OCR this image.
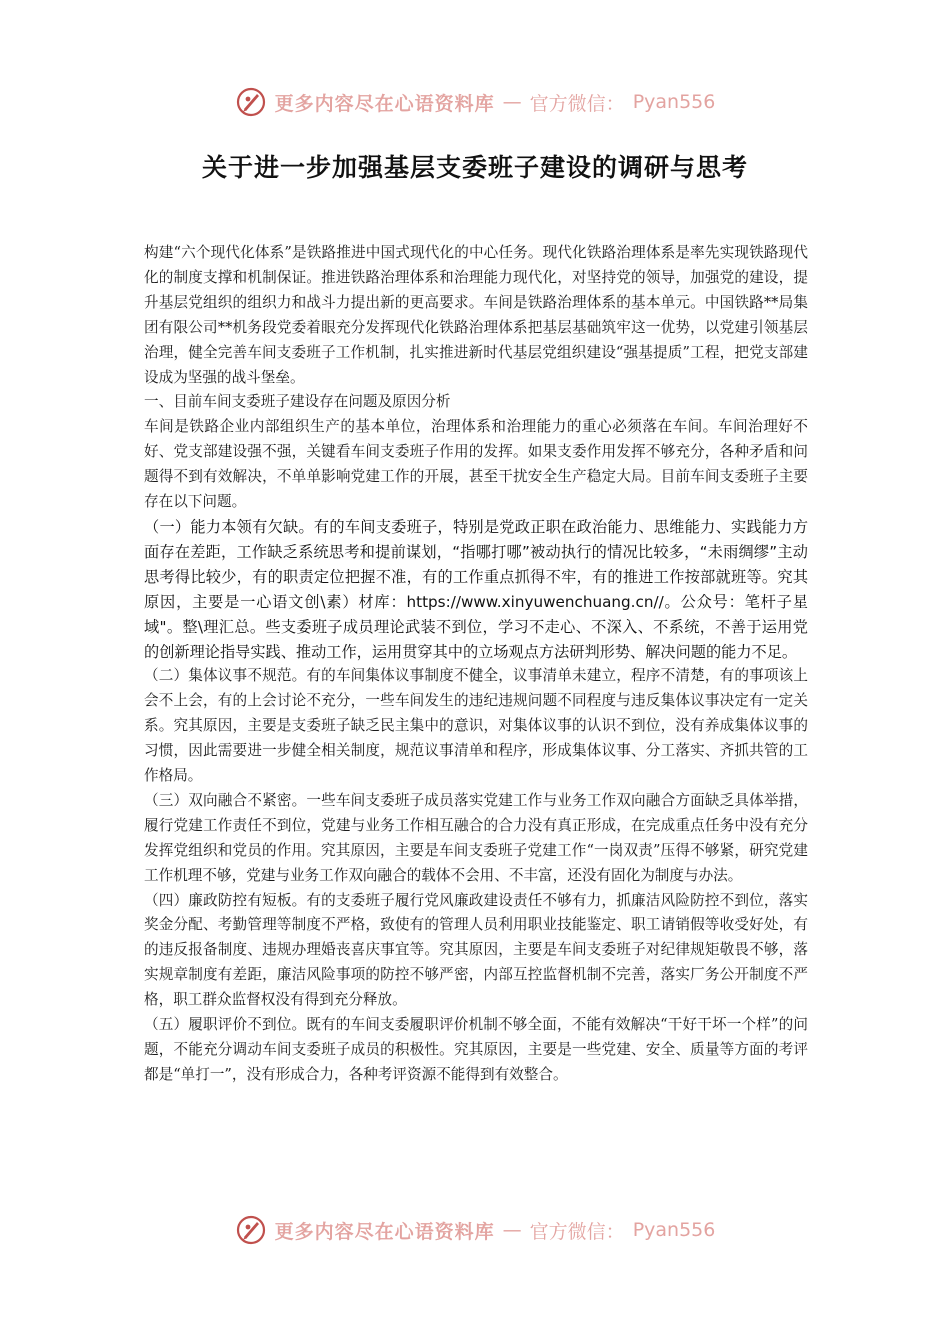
更多内容尽在心语资料库 — 官方微信： Pyan556
关于进一步加强基层支委班子建设的调研与思考

构建“六个现代化体系”是铁路推进中国式现代化的中心任务。现代化铁路治理体系是率先实现铁路现代化的制度支撑和机制保证。推进铁路治理体系和治理能力现代化，对坚持党的领导，加强党的建设，提升基层党组织的组织力和战斗力提出新的更高要求。车间是铁路治理体系的基本单元。中国铁路**局集团有限公司**机务段党委着眼充分发挥现代化铁路治理体系把基层基础筑牢这一优势，以党建引领基层治理，健全完善车间支委班子工作机制，扎实推进新时代基层党组织建设“强基提质”工程，把党支部建设成为坚强的战斗堡垒。

一、目前车间支委班子建设存在问题及原因分析

车间是铁路企业内部组织生产的基本单位，治理体系和治理能力的重心必须落在车间。车间治理好不好、党支部建设强不强，关键看车间支委班子作用的发挥。如果支委作用发挥不够充分，各种矛盾和问题得不到有效解决，不单单影响党建工作的开展，甚至干扰安全生产稳定大局。目前车间支委班子主要存在以下问题。

（一）能力本领有欠缺。有的车间支委班子，特别是党政正职在政治能力、思维能力、实践能力方面存在差距，工作缺乏系统思考和提前谋划，“指哪打哪”被动执行的情况比较多，“未雨绸缪”主动思考得比较少，有的职责定位把握不准，有的工作重点抓得不牢，有的推进工作按部就班等。究其原因，主要是一心语文创\素）材库：https://www.xinyuwenchuang.cn//。公众号：笔杆子星域"。整\理汇总。些支委班子成员理论武装不到位，学习不走心、不深入、不系统，不善于运用党的创新理论指导实践、推动工作，运用贯穿其中的立场观点方法研判形势、解决问题的能力不足。

（二）集体议事不规范。有的车间集体议事制度不健全，议事清单未建立，程序不清楚，有的事项该上会不上会，有的上会讨论不充分，一些车间发生的违纪违规问题不同程度与违反集体议事决定有一定关系。究其原因，主要是支委班子缺乏民主集中的意识，对集体议事的认识不到位，没有养成集体议事的习惯，因此需要进一步健全相关制度，规范议事清单和程序，形成集体议事、分工落实、齐抓共管的工作格局。

（三）双向融合不紧密。一些车间支委班子成员落实党建工作与业务工作双向融合方面缺乏具体举措，履行党建工作责任不到位，党建与业务工作相互融合的合力没有真正形成，在完成重点任务中没有充分发挥党组织和党员的作用。究其原因，主要是车间支委班子党建工作“一岗双责”压得不够紧，研究党建工作机理不够，党建与业务工作双向融合的载体不会用、不丰富，还没有固化为制度与办法。

（四）廉政防控有短板。有的支委班子履行党风廉政建设责任不够有力，抓廉洁风险防控不到位，落实奖金分配、考勤管理等制度不严格，致使有的管理人员利用职业技能鉴定、职工请销假等收受好处，有的违反报备制度、违规办理婚丧喜庆事宜等。究其原因，主要是车间支委班子对纪律规矩敬畏不够，落实规章制度有差距，廉洁风险事项的防控不够严密，内部互控监督机制不完善，落实厂务公开制度不严格，职工群众监督权没有得到充分释放。

（五）履职评价不到位。既有的车间支委履职评价机制不够全面，不能有效解决“干好干坏一个样”的问题，不能充分调动车间支委班子成员的积极性。究其原因，主要是一些党建、安全、质量等方面的考评都是“单打一”，没有形成合力，各种考评资源不能得到有效整合。

更多内容尽在心语资料库 — 官方微信： Pyan556
